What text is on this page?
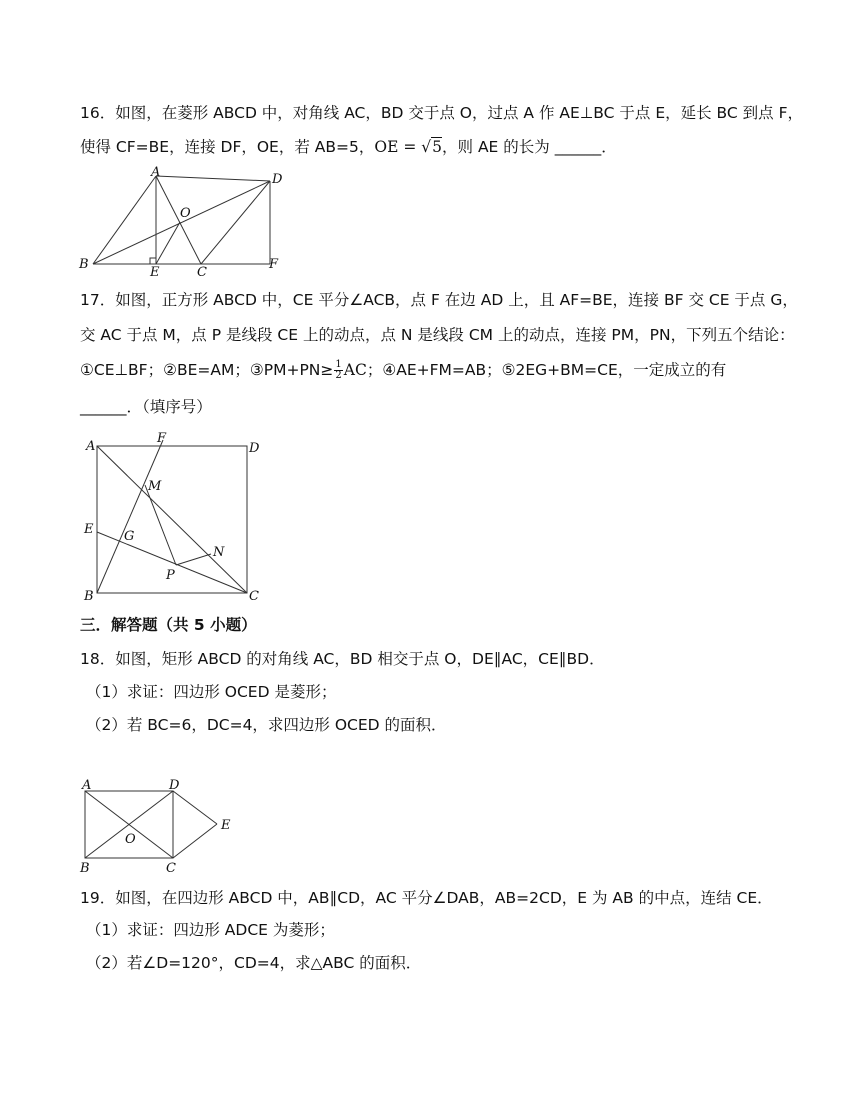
16．如图，在菱形 ABCD 中，对角线 AC，BD 交于点 O，过点 A 作 AE⊥BC 于点 E，延长 BC 到点 F，
使得 CF=BE，连接 DF，OE，若 AB=5，OE = √5，则 AE 的长为 ______．
A	D
O
B
E	C
F
17．如图，正方形 ABCD 中，CE 平分∠ACB，点 F 在边 AD 上，且 AF=BE，连接 BF 交 CE 于点 G，
交 AC 于点 M，点 P 是线段 CE 上的动点，点 N 是线段 CM 上的动点，连接 PM，PN，下列五个结论：
①CE⊥BF；②BE=AM；③PM+PN≥ $\frac{1}{2}$ AC；④AE+FM=AB；⑤2EG+BM=CE，一定成立的有
______．（填序号）
A
F
D
M
E G
N
P
B	C
三．解答题（共 5 小题）
18．如图，矩形 ABCD 的对角线 AC，BD 相交于点 O，DE∥AC，CE∥BD．
（1）求证：四边形 OCED 是菱形；
（2）若 BC=6，DC=4，求四边形 OCED 的面积．
A	D
E
O
B	C
19．如图，在四边形 ABCD 中，AB∥CD，AC 平分∠DAB，AB=2CD，E 为 AB 的中点，连结 CE．
（1）求证：四边形 ADCE 为菱形；
（2）若∠D=120°，CD=4，求△ABC 的面积．
